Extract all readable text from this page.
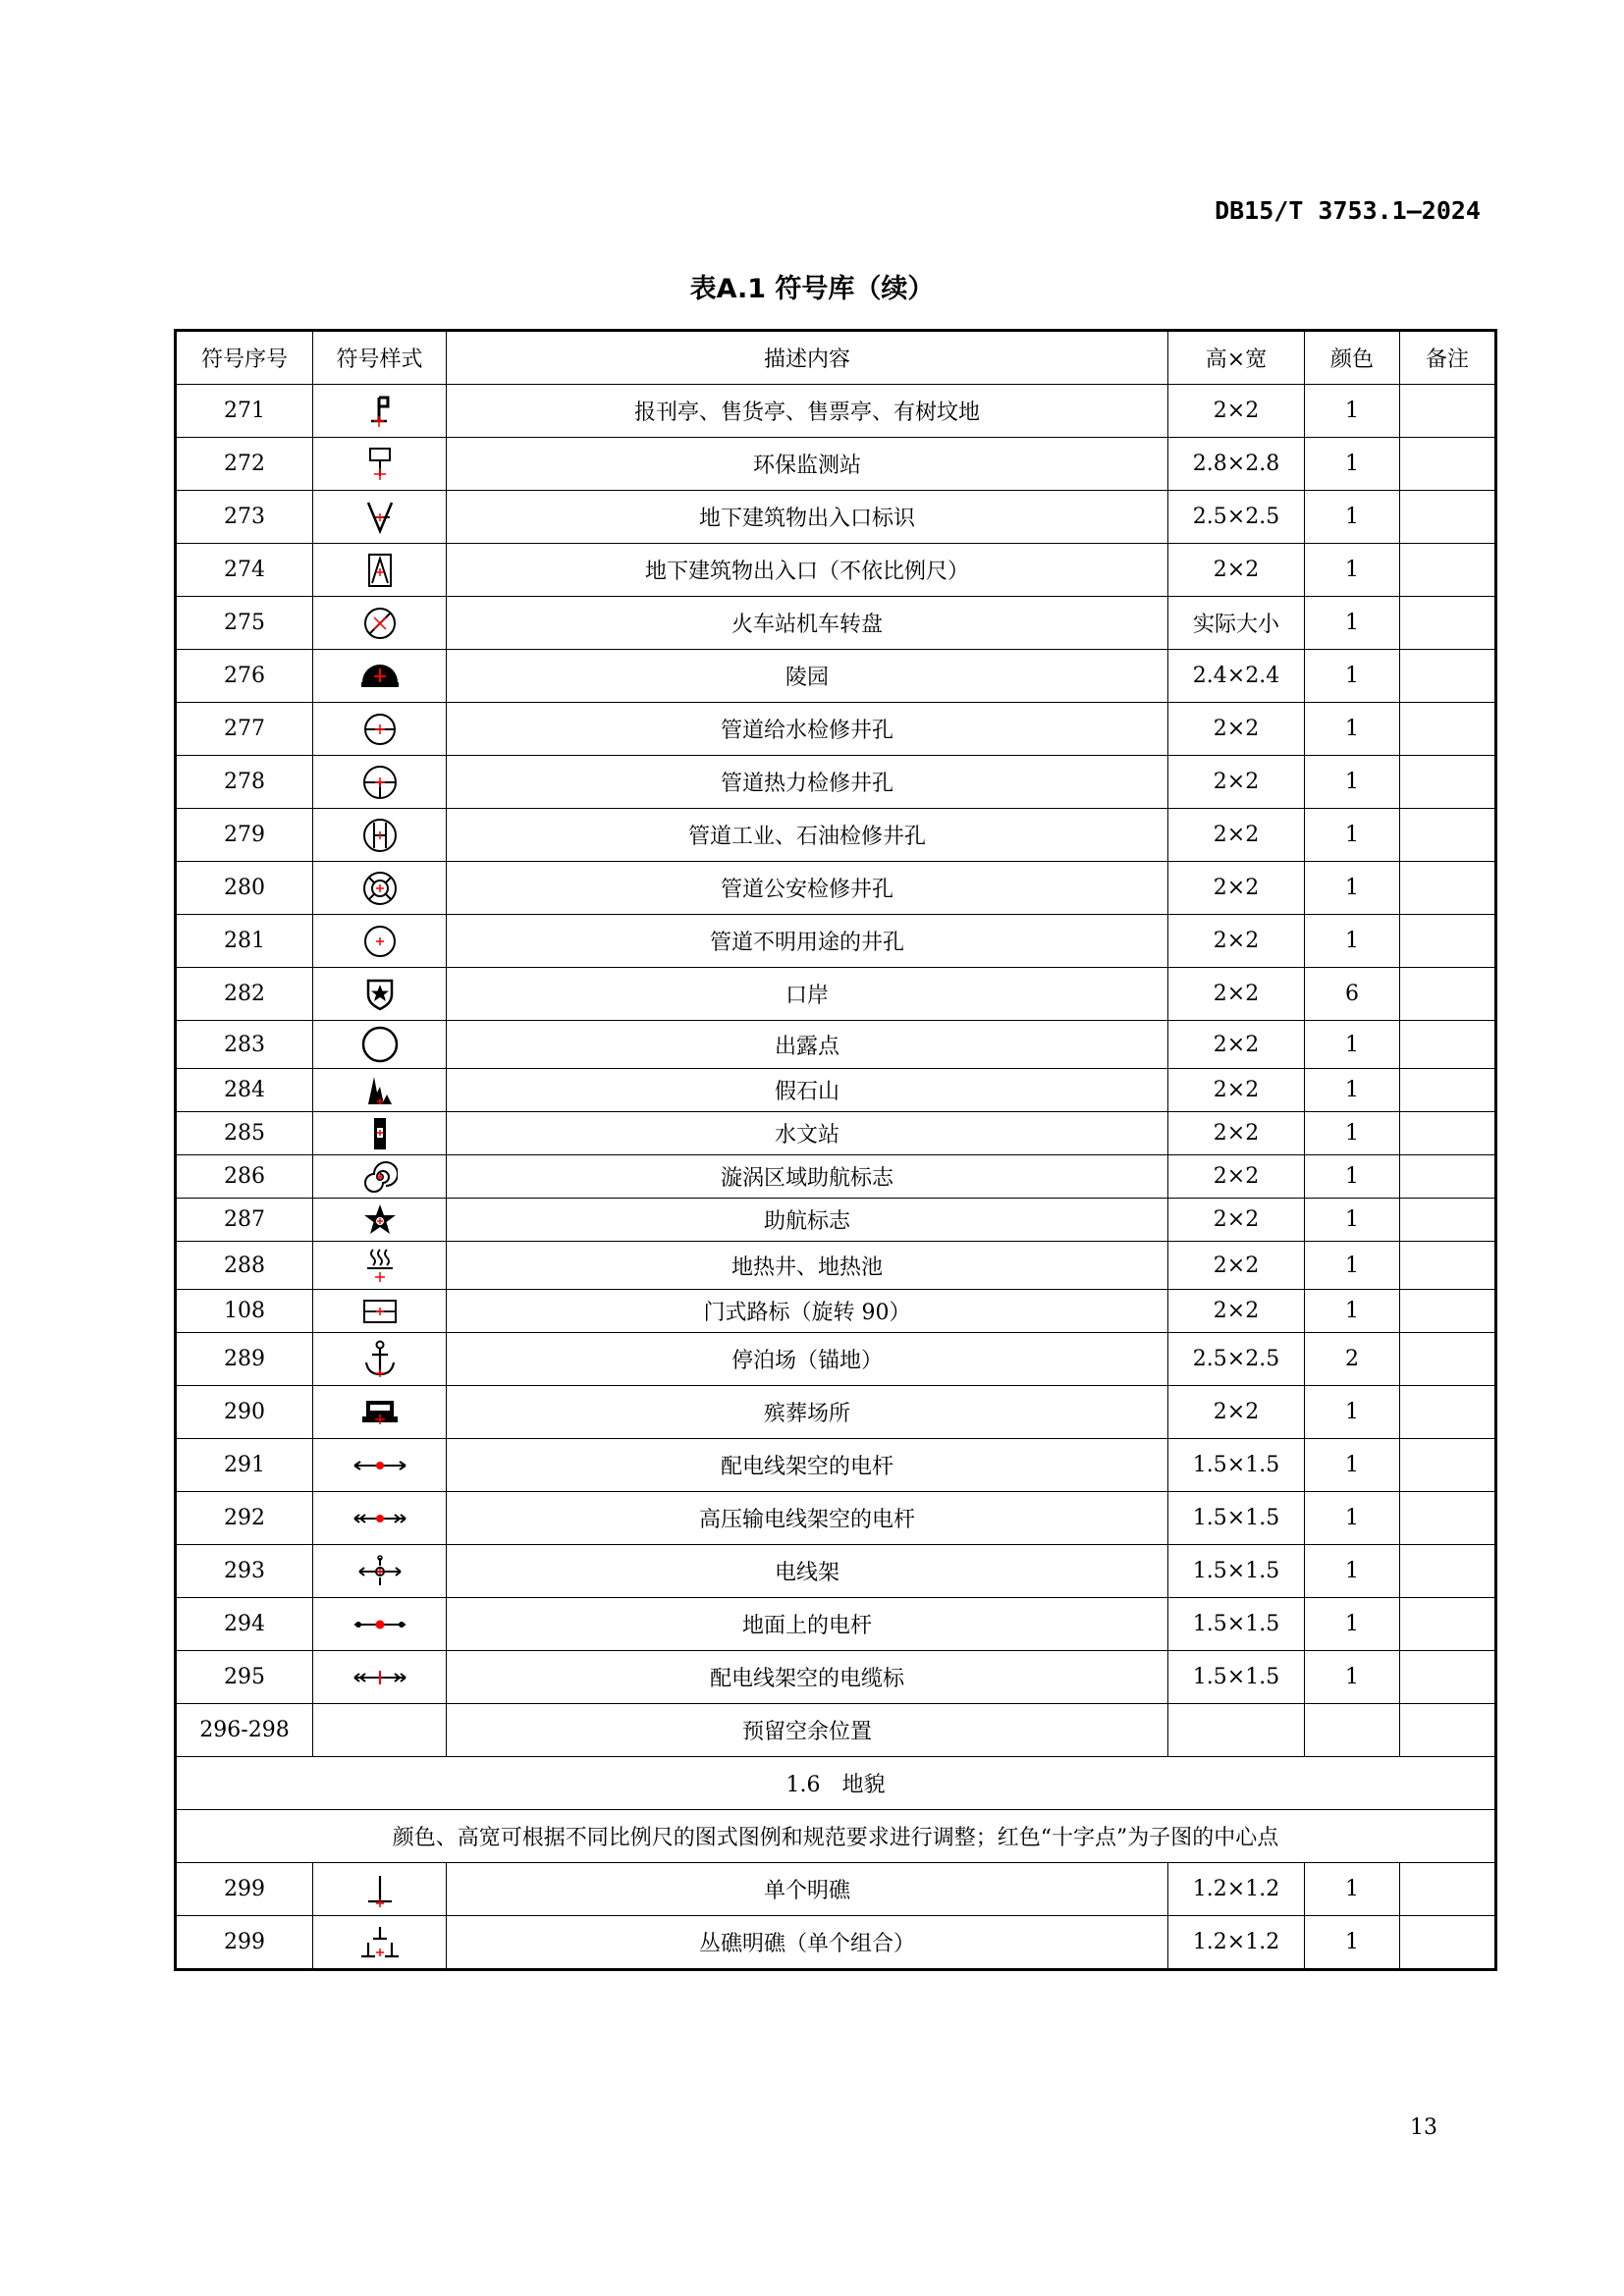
DB15/T 3753.1—2024
表A.1 符号库（续）
符号序号	符号样式	描述内容	高×宽	颜色	备注
271		报刊亭、售货亭、售票亭、有树坟地	2×2	1	
272		环保监测站	2.8×2.8	1	
273		地下建筑物出入口标识	2.5×2.5	1	
274		地下建筑物出入口（不依比例尺）	2×2	1	
275		火车站机车转盘	实际大小	1	
276		陵园	2.4×2.4	1	
277		管道给水检修井孔	2×2	1	
278		管道热力检修井孔	2×2	1	
279		管道工业、石油检修井孔	2×2	1	
280		管道公安检修井孔	2×2	1	
281		管道不明用途的井孔	2×2	1	
282		口岸	2×2	6	
283		出露点	2×2	1	
284		假石山	2×2	1	
285		水文站	2×2	1	
286		漩涡区域助航标志	2×2	1	
287		助航标志	2×2	1	
288		地热井、地热池	2×2	1	
108		门式路标（旋转 90）	2×2	1	
289		停泊场（锚地）	2.5×2.5	2	
290		殡葬场所	2×2	1	
291		配电线架空的电杆	1.5×1.5	1	
292		高压输电线架空的电杆	1.5×1.5	1	
293		电线架	1.5×1.5	1	
294		地面上的电杆	1.5×1.5	1	
295		配电线架空的电缆标	1.5×1.5	1	
296-298		预留空余位置			
1.6　地貌					
颜色、高宽可根据不同比例尺的图式图例和规范要求进行调整；红色“十字点”为子图的中心点					
299		单个明礁	1.2×1.2	1	
299		丛礁明礁（单个组合）	1.2×1.2	1	
13
